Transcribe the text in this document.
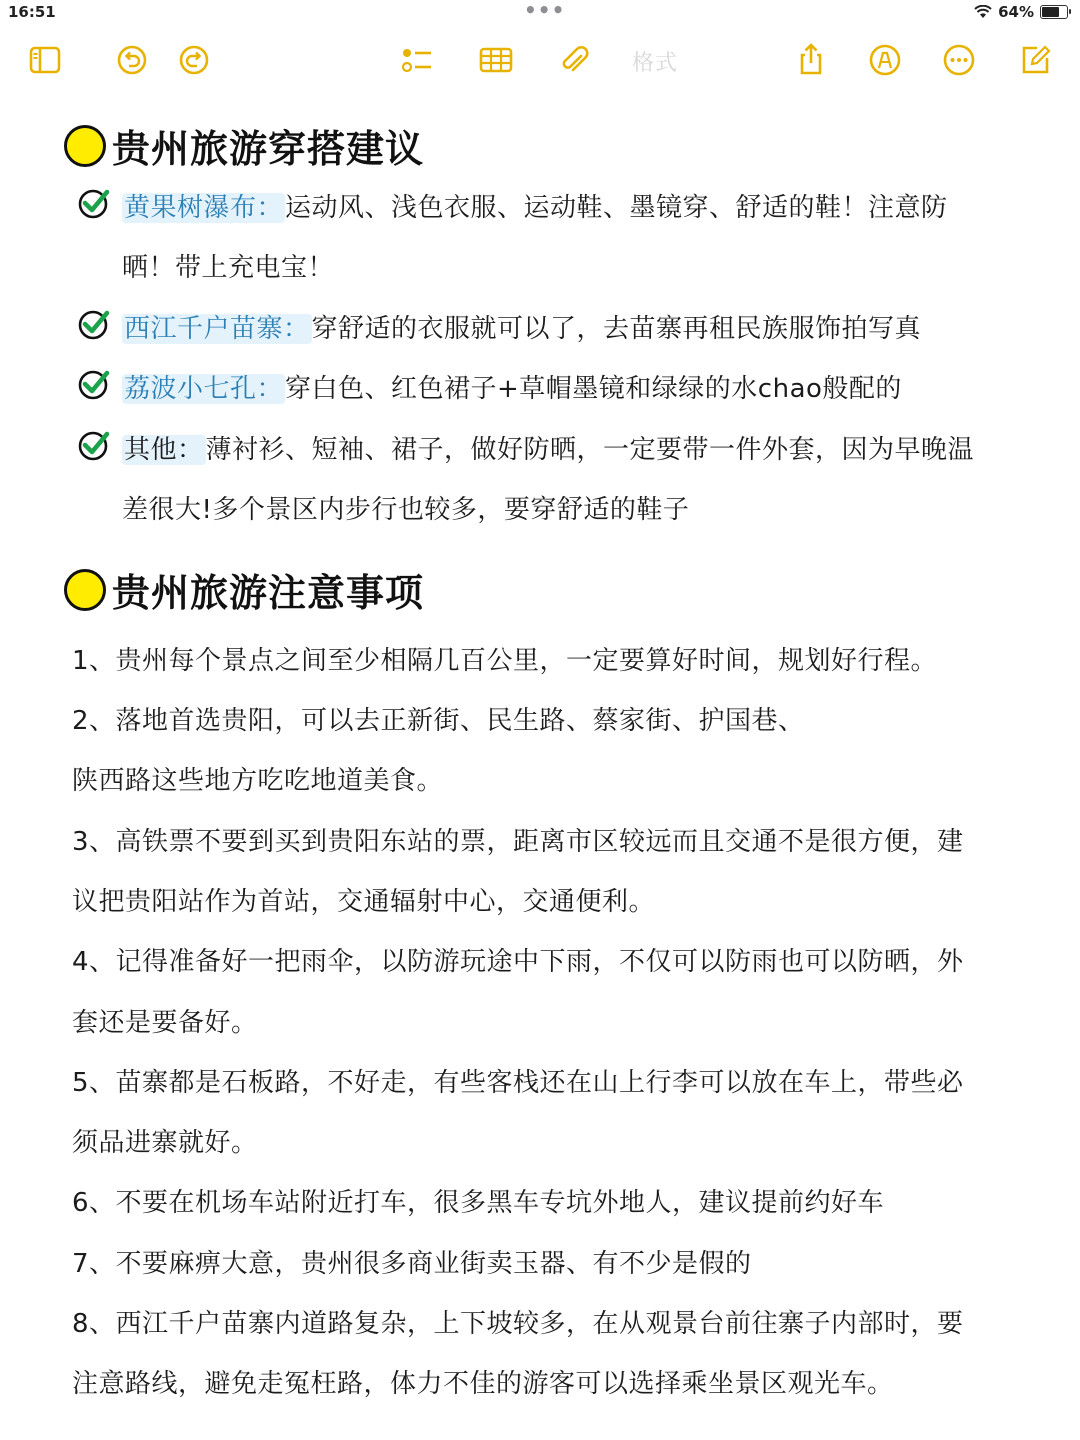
16:51	•••	64%
格式
贵州旅游穿搭建议
黄果树瀑布：运动风、浅色衣服、运动鞋、墨镜穿、舒适的鞋！注意防
晒！带上充电宝！
西江千户苗寨：穿舒适的衣服就可以了，去苗寨再租民族服饰拍写真
荔波小七孔：穿白色、红色裙子+草帽墨镜和绿绿的水chao般配的
其他：薄衬衫、短袖、裙子，做好防晒，一定要带一件外套，因为早晚温
差很大!多个景区内步行也较多，要穿舒适的鞋子
贵州旅游注意事项
1、贵州每个景点之间至少相隔几百公里，一定要算好时间，规划好行程。
2、落地首选贵阳，可以去正新街、民生路、蔡家街、护国巷、
陕西路这些地方吃吃地道美食。
3、高铁票不要到买到贵阳东站的票，距离市区较远而且交通不是很方便，建
议把贵阳站作为首站，交通辐射中心，交通便利。
4、记得准备好一把雨伞，以防游玩途中下雨，不仅可以防雨也可以防晒，外
套还是要备好。
5、苗寨都是石板路，不好走，有些客栈还在山上行李可以放在车上，带些必
须品进寨就好。
6、不要在机场车站附近打车，很多黑车专坑外地人，建议提前约好车
7、不要麻痹大意，贵州很多商业街卖玉器、有不少是假的
8、西江千户苗寨内道路复杂，上下坡较多，在从观景台前往寨子内部时，要
注意路线，避免走冤枉路，体力不佳的游客可以选择乘坐景区观光车。
